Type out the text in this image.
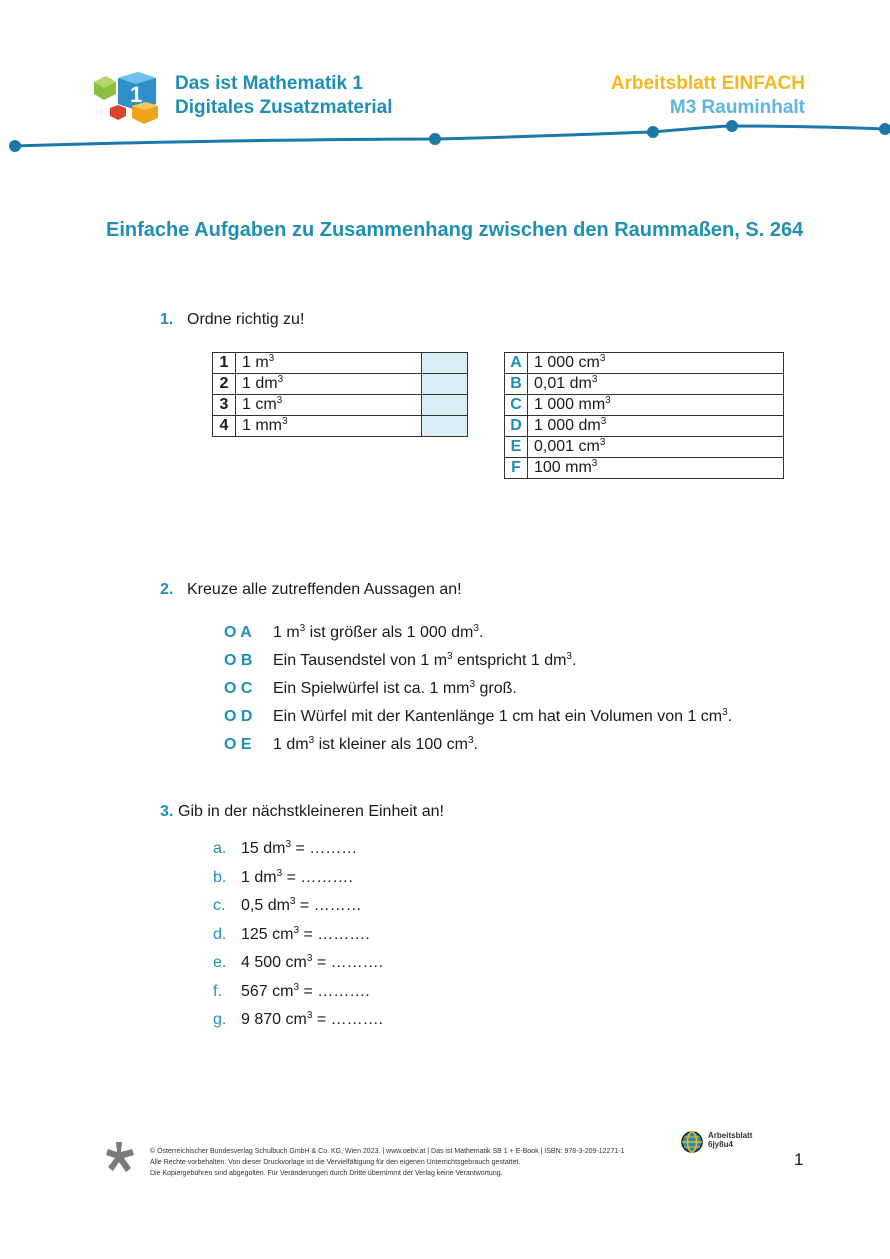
1 Das ist Mathematik 1
Digitales Zusatzmaterial
Arbeitsblatt EINFACH
M3 Rauminhalt
Einfache Aufgaben zu Zusammenhang zwischen den Raummaßen, S. 264
1. Ordne richtig zu!
1	1 $m^3$	
2	1 $dm^3$	
3	1 $cm^3$	
4	1 $mm^3$	
A	1 000 $cm^3$
B	0,01 $dm^3$
C	1 000 $mm^3$
D	1 000 $dm^3$
E	0,001 $cm^3$
F	100 $mm^3$
2. Kreuze alle zutreffenden Aussagen an!
O A 1 $m^3$ ist größer als 1 000 $dm^3$.
O B Ein Tausendstel von 1 $m^3$ entspricht 1 $dm^3$.
O C Ein Spielwürfel ist ca. 1 $mm^3$ groß.
O D Ein Würfel mit der Kantenlänge 1 cm hat ein Volumen von 1 $cm^3$.
O E 1 $dm^3$ ist kleiner als 100 $cm^3$.
3. Gib in der nächstkleineren Einheit an!
a. 15 $dm^3$ = ………
b. 1 $dm^3$ = ……….
c. 0,5 $dm^3$ = ………
d. 125 $cm^3$ = ……….
e. 4 500 $cm^3$ = ……….
f. 567 $cm^3$ = ……….
g. 9 870 $cm^3$ = ……….
© Österreichischer Bundesverlag Schulbuch GmbH & Co. KG, Wien 2023. | www.oebv.at | Das ist Mathematik SB 1 + E-Book | ISBN: 978-3-209-12271-1
Alle Rechte vorbehalten. Von dieser Druckvorlage ist die Vervielfältigung für den eigenen Unterrichtsgebrauch gestattet.
Die Kopiergebühren sind abgegolten. Für Veränderungen durch Dritte übernimmt der Verlag keine Verantwortung.
Arbeitsblatt
6jy8u4
1
